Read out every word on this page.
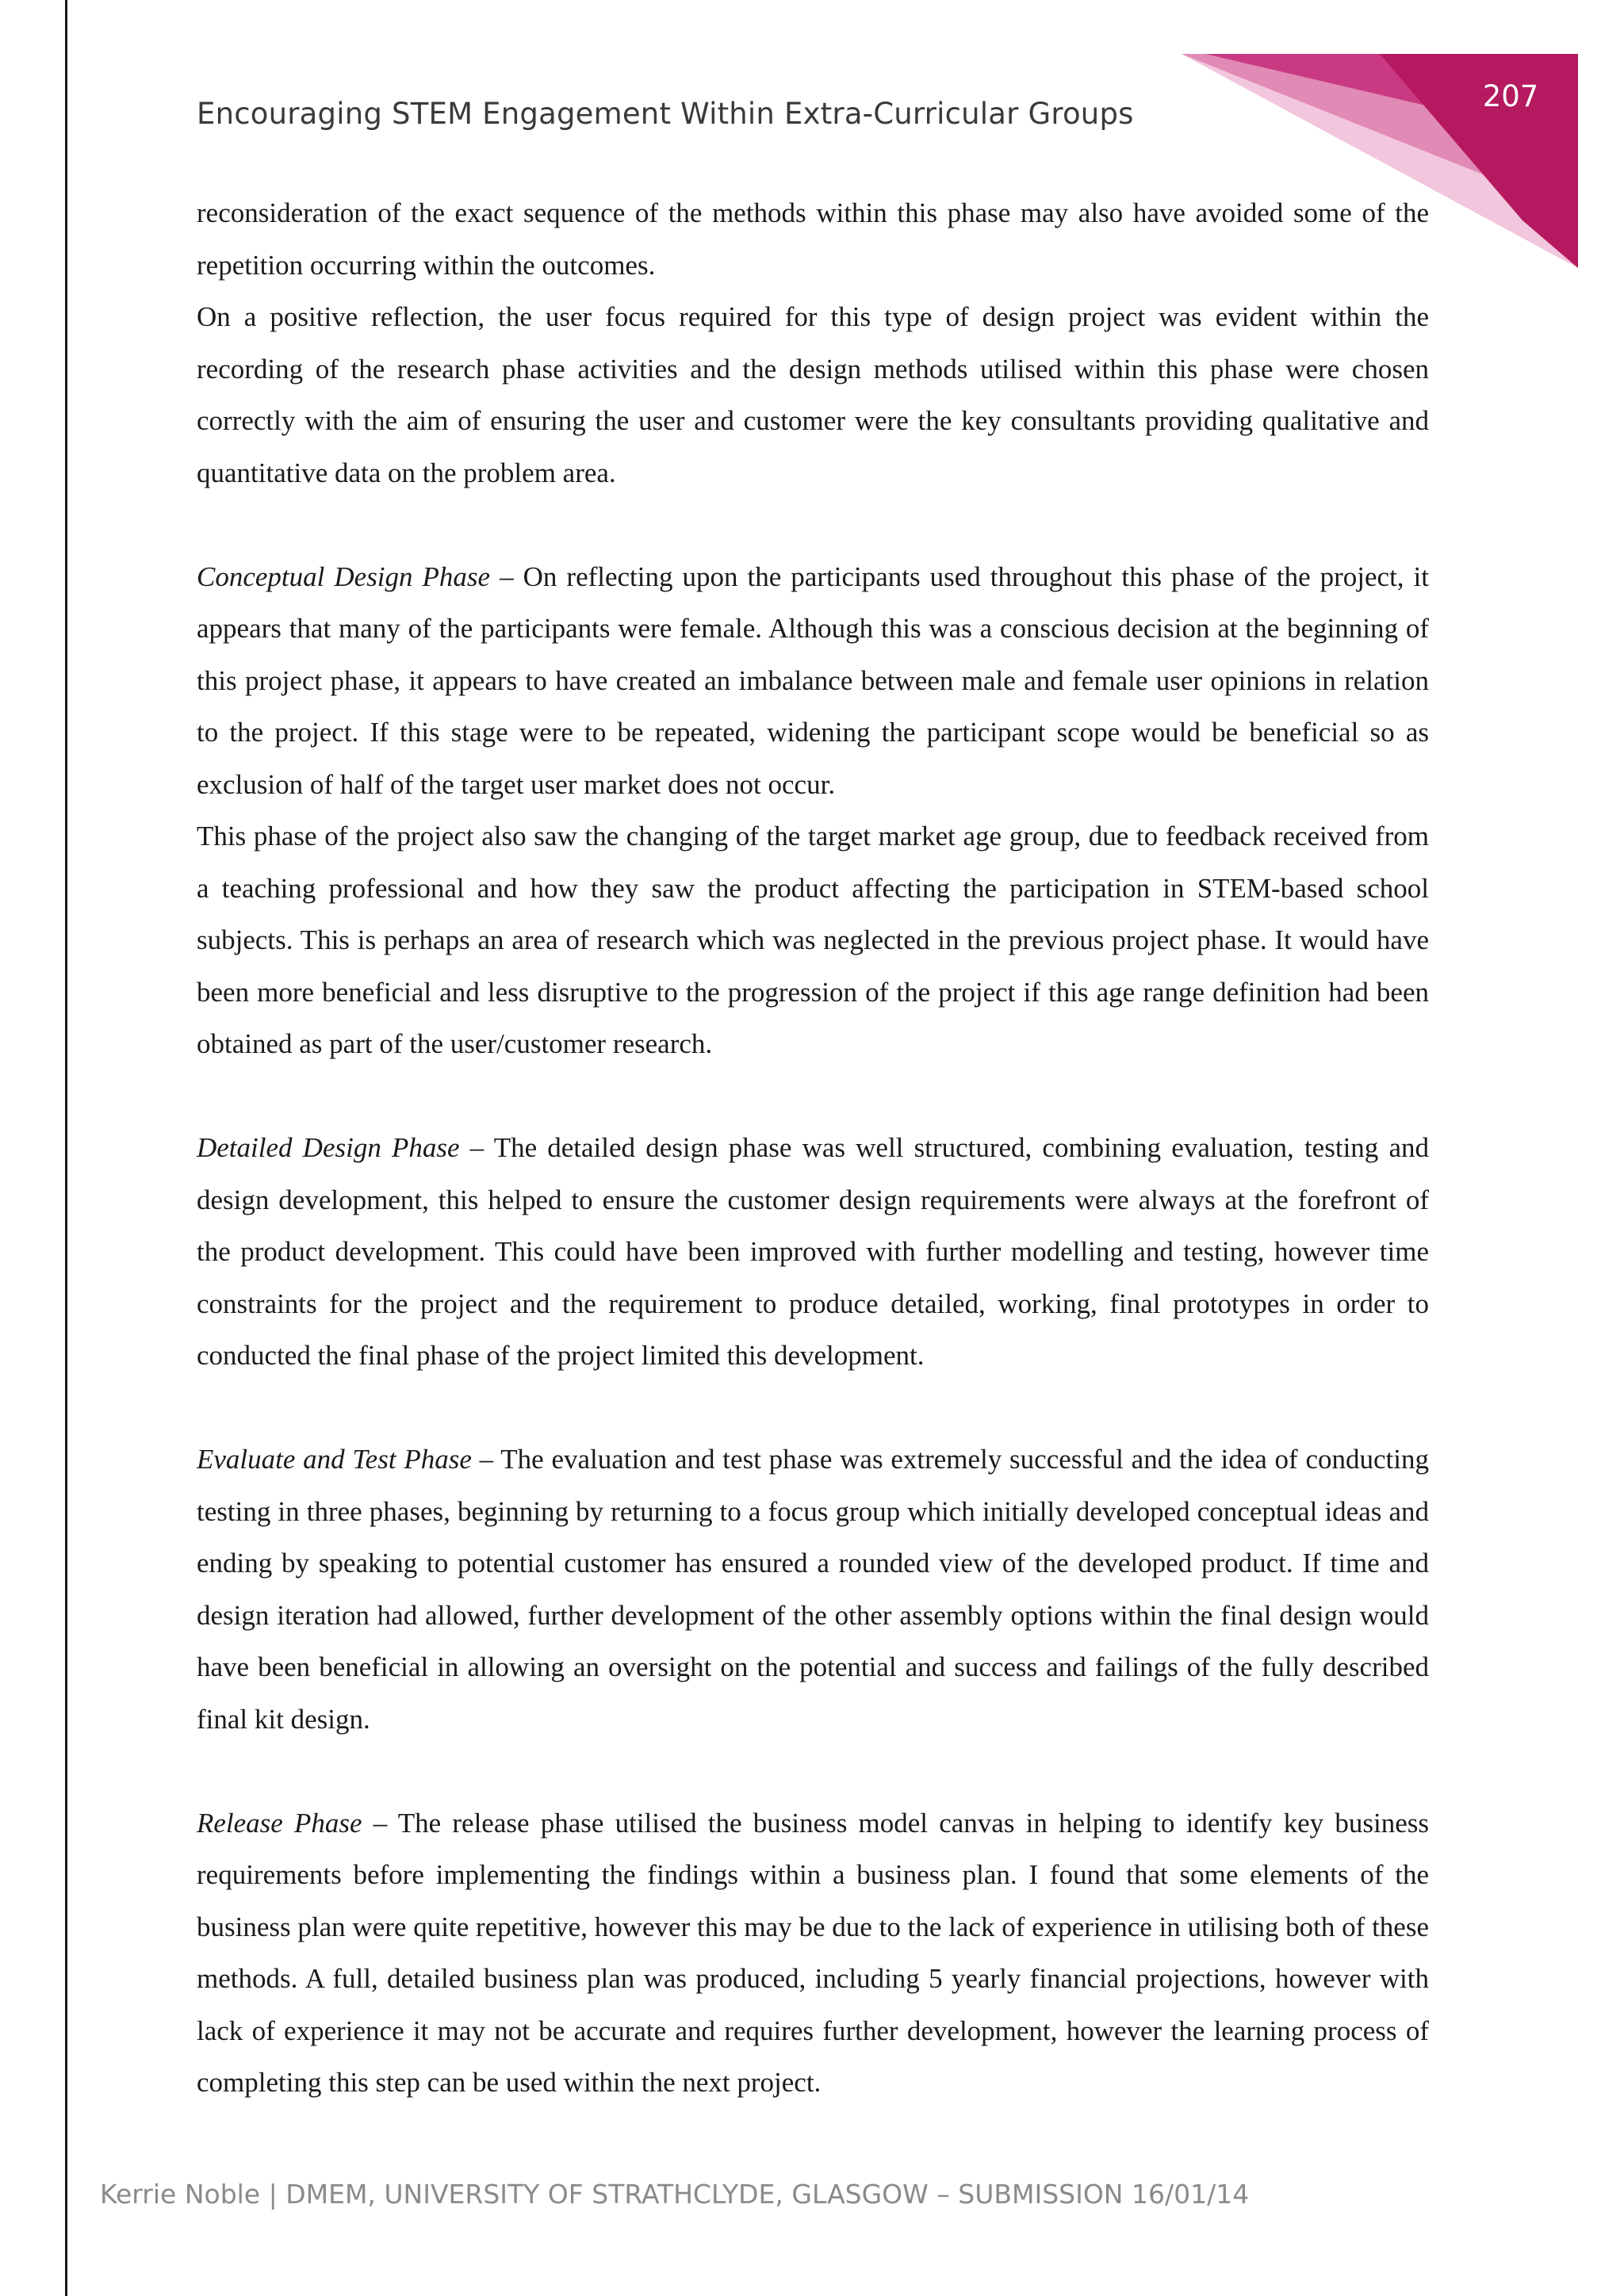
207
Encouraging STEM Engagement Within Extra-Curricular Groups

reconsideration of the exact sequence of the methods within this phase may also have avoided some of the repetition occurring within the outcomes.

On a positive reflection, the user focus required for this type of design project was evident within the recording of the research phase activities and the design methods utilised within this phase were chosen correctly with the aim of ensuring the user and customer were the key consultants providing qualitative and quantitative data on the problem area.

Conceptual Design Phase – On reflecting upon the participants used throughout this phase of the project, it appears that many of the participants were female. Although this was a conscious decision at the beginning of this project phase, it appears to have created an imbalance between male and female user opinions in relation to the project. If this stage were to be repeated, widening the participant scope would be beneficial so as exclusion of half of the target user market does not occur.

This phase of the project also saw the changing of the target market age group, due to feedback received from a teaching professional and how they saw the product affecting the participation in STEM-based school subjects. This is perhaps an area of research which was neglected in the previous project phase. It would have been more beneficial and less disruptive to the progression of the project if this age range definition had been obtained as part of the user/customer research.

Detailed Design Phase – The detailed design phase was well structured, combining evaluation, testing and design development, this helped to ensure the customer design requirements were always at the forefront of the product development. This could have been improved with further modelling and testing, however time constraints for the project and the requirement to produce detailed, working, final prototypes in order to conducted the final phase of the project limited this development.

Evaluate and Test Phase – The evaluation and test phase was extremely successful and the idea of conducting testing in three phases, beginning by returning to a focus group which initially developed conceptual ideas and ending by speaking to potential customer has ensured a rounded view of the developed product. If time and design iteration had allowed, further development of the other assembly options within the final design would have been beneficial in allowing an oversight on the potential and success and failings of the fully described final kit design.

Release Phase – The release phase utilised the business model canvas in helping to identify key business requirements before implementing the findings within a business plan. I found that some elements of the business plan were quite repetitive, however this may be due to the lack of experience in utilising both of these methods. A full, detailed business plan was produced, including 5 yearly financial projections, however with lack of experience it may not be accurate and requires further development, however the learning process of completing this step can be used within the next project.

Kerrie Noble | DMEM, UNIVERSITY OF STRATHCLYDE, GLASGOW – SUBMISSION 16/01/14
